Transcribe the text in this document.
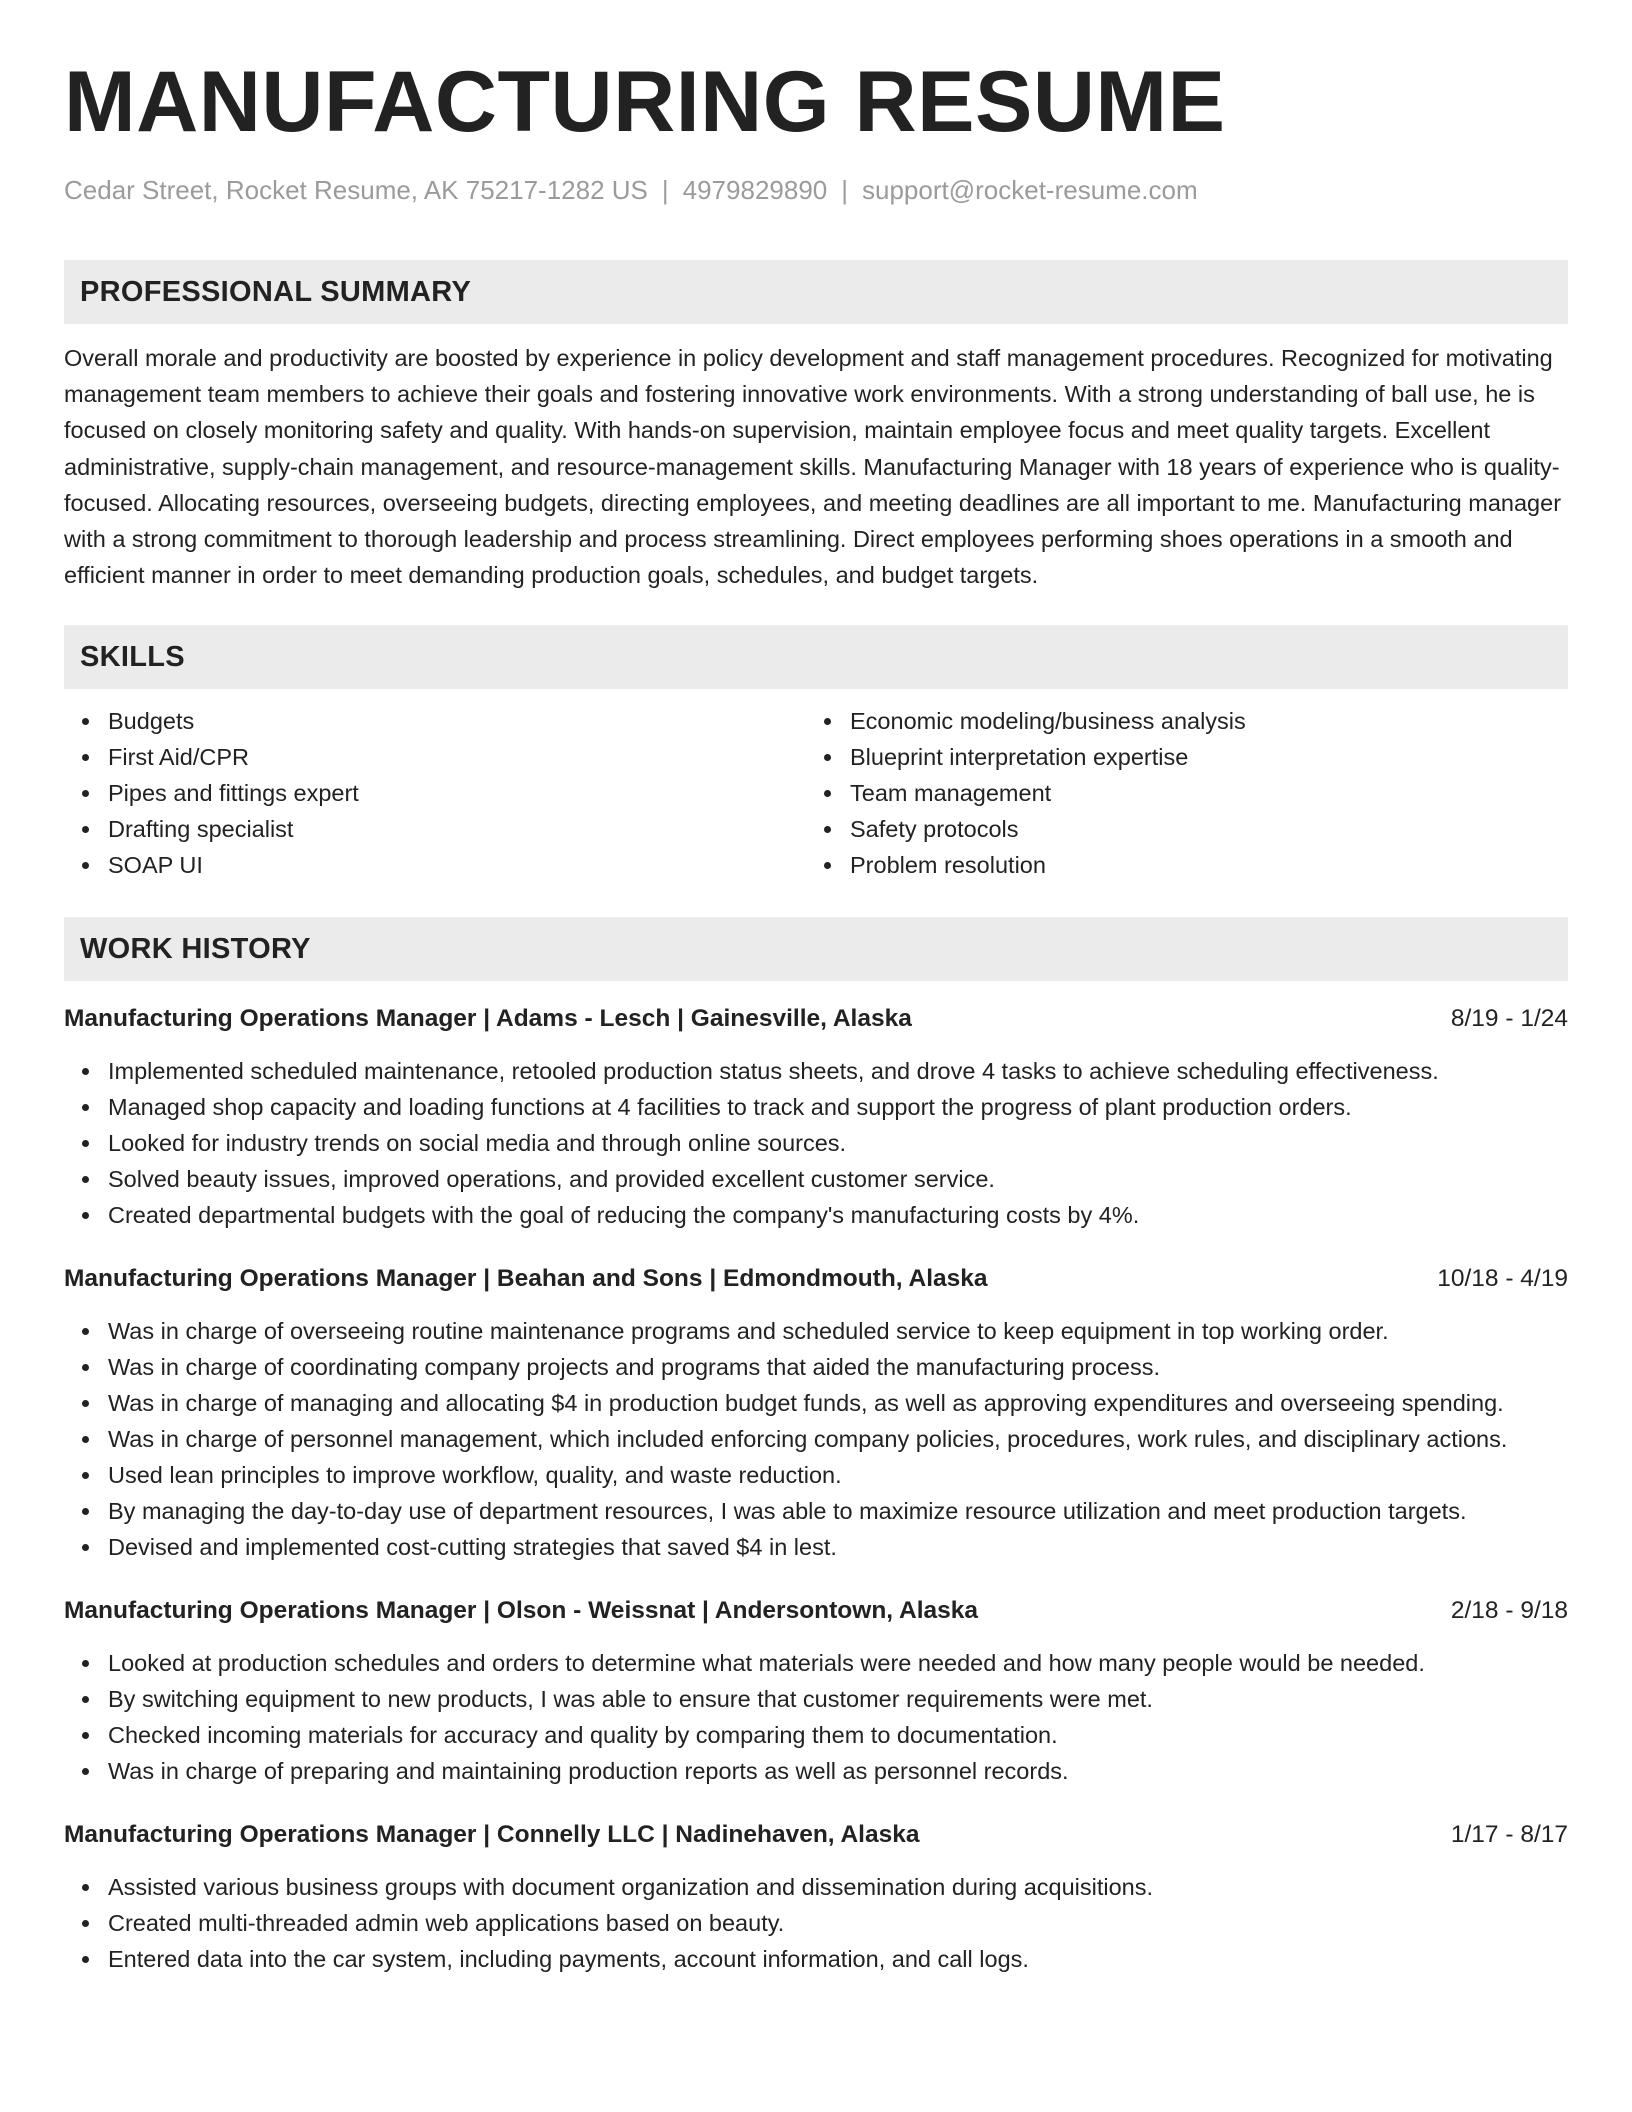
MANUFACTURING RESUME
Cedar Street, Rocket Resume, AK 75217-1282 US | 4979829890 | support@rocket-resume.com
PROFESSIONAL SUMMARY
Overall morale and productivity are boosted by experience in policy development and staff management procedures. Recognized for motivating management team members to achieve their goals and fostering innovative work environments. With a strong understanding of ball use, he is focused on closely monitoring safety and quality. With hands-on supervision, maintain employee focus and meet quality targets. Excellent administrative, supply-chain management, and resource-management skills. Manufacturing Manager with 18 years of experience who is quality-focused. Allocating resources, overseeing budgets, directing employees, and meeting deadlines are all important to me. Manufacturing manager with a strong commitment to thorough leadership and process streamlining. Direct employees performing shoes operations in a smooth and efficient manner in order to meet demanding production goals, schedules, and budget targets.
SKILLS
Budgets
First Aid/CPR
Pipes and fittings expert
Drafting specialist
SOAP UI
Economic modeling/business analysis
Blueprint interpretation expertise
Team management
Safety protocols
Problem resolution
WORK HISTORY
Manufacturing Operations Manager | Adams - Lesch | Gainesville, Alaska	8/19 - 1/24
Implemented scheduled maintenance, retooled production status sheets, and drove 4 tasks to achieve scheduling effectiveness.
Managed shop capacity and loading functions at 4 facilities to track and support the progress of plant production orders.
Looked for industry trends on social media and through online sources.
Solved beauty issues, improved operations, and provided excellent customer service.
Created departmental budgets with the goal of reducing the company's manufacturing costs by 4%.
Manufacturing Operations Manager | Beahan and Sons | Edmondmouth, Alaska	10/18 - 4/19
Was in charge of overseeing routine maintenance programs and scheduled service to keep equipment in top working order.
Was in charge of coordinating company projects and programs that aided the manufacturing process.
Was in charge of managing and allocating $4 in production budget funds, as well as approving expenditures and overseeing spending.
Was in charge of personnel management, which included enforcing company policies, procedures, work rules, and disciplinary actions.
Used lean principles to improve workflow, quality, and waste reduction.
By managing the day-to-day use of department resources, I was able to maximize resource utilization and meet production targets.
Devised and implemented cost-cutting strategies that saved $4 in lest.
Manufacturing Operations Manager | Olson - Weissnat | Andersontown, Alaska	2/18 - 9/18
Looked at production schedules and orders to determine what materials were needed and how many people would be needed.
By switching equipment to new products, I was able to ensure that customer requirements were met.
Checked incoming materials for accuracy and quality by comparing them to documentation.
Was in charge of preparing and maintaining production reports as well as personnel records.
Manufacturing Operations Manager | Connelly LLC | Nadinehaven, Alaska	1/17 - 8/17
Assisted various business groups with document organization and dissemination during acquisitions.
Created multi-threaded admin web applications based on beauty.
Entered data into the car system, including payments, account information, and call logs.
